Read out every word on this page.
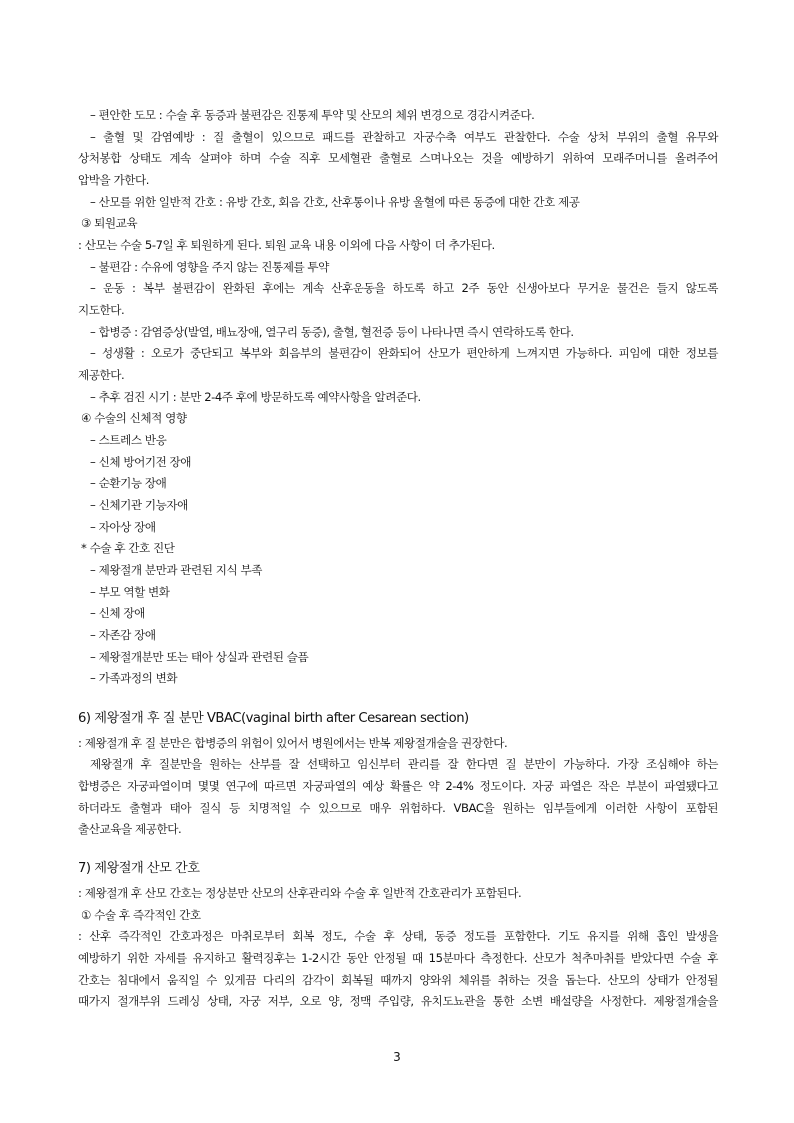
– 편안한 도모 : 수술 후 동증과 불편감은 진통제 투약 및 산모의 체위 변경으로 경감시켜준다.
– 출혈 및 감염예방 : 질 출혈이 있으므로 패드를 관찰하고 자궁수축 여부도 관찰한다. 수술 상처 부위의 출혈 유무와
상처봉합 상태도 계속 살펴야 하며 수술 직후 모세혈관 출혈로 스며나오는 것을 예방하기 위하여 모래주머니를 올려주어
압박을 가한다.
– 산모를 위한 일반적 간호 : 유방 간호, 회음 간호, 산후통이나 유방 울혈에 따른 동증에 대한 간호 제공
③ 퇴원교육
: 산모는 수술 5-7일 후 퇴원하게 된다. 퇴원 교육 내용 이외에 다음 사항이 더 추가된다.
– 불편감 : 수유에 영향을 주지 않는 진통제를 투약
– 운동 : 복부 불편감이 완화된 후에는 계속 산후운동을 하도록 하고 2주 동안 신생아보다 무거운 물건은 들지 않도록
지도한다.
– 합병증 : 감염증상(발열, 배뇨장애, 열구리 동증), 출혈, 혈전증 등이 나타나면 즉시 연락하도록 한다.
– 성생활 : 오로가 중단되고 복부와 회음부의 불편감이 완화되어 산모가 편안하게 느껴지면 가능하다. 피임에 대한 정보를
제공한다.
– 추후 검진 시기 : 분만 2-4주 후에 방문하도록 예약사항을 알려준다.
④ 수술의 신체적 영향
– 스트레스 반응
– 신체 방어기전 장애
– 순환기능 장애
– 신체기관 기능자애
– 자아상 장애
* 수술 후 간호 진단
– 제왕절개 분만과 관련된 지식 부족
– 부모 역할 변화
– 신체 장애
– 자존감 장애
– 제왕절개분만 또는 태아 상실과 관련된 슬픔
– 가족과정의 변화
6) 제왕절개 후 질 분만 VBAC(vaginal birth after Cesarean section)
: 제왕절개 후 질 분만은 합병증의 위험이 있어서 병원에서는 반복 제왕절개술을 권장한다.
제왕절개 후 질분만을 원하는 산부를 잘 선택하고 임신부터 관리를 잘 한다면 질 분만이 가능하다. 가장 조심해야 하는
합병증은 자궁파열이며 몇몇 연구에 따르면 자궁파열의 예상 확률은 약 2-4% 정도이다. 자궁 파열은 작은 부분이 파열됐다고
하더라도 출혈과 태아 질식 등 치명적일 수 있으므로 매우 위험하다. VBAC을 원하는 임부들에게 이러한 사항이 포함된
출산교육을 제공한다.
7) 제왕절개 산모 간호
: 제왕절개 후 산모 간호는 정상분만 산모의 산후관리와 수술 후 일반적 간호관리가 포함된다.
① 수술 후 즉각적인 간호
: 산후 즉각적인 간호과정은 마취로부터 회복 정도, 수술 후 상태, 동증 정도를 포함한다. 기도 유지를 위해 흡인 발생을
예방하기 위한 자세를 유지하고 활력징후는 1-2시간 동안 안정될 때 15분마다 측정한다. 산모가 척추마취를 받았다면 수술 후
간호는 침대에서 움직일 수 있게끔 다리의 감각이 회복될 때까지 양와위 체위를 취하는 것을 돕는다. 산모의 상태가 안정될
때가지 절개부위 드레싱 상태, 자궁 저부, 오로 양, 정맥 주입량, 유치도뇨관을 통한 소변 배설량을 사정한다. 제왕절개술을
3
